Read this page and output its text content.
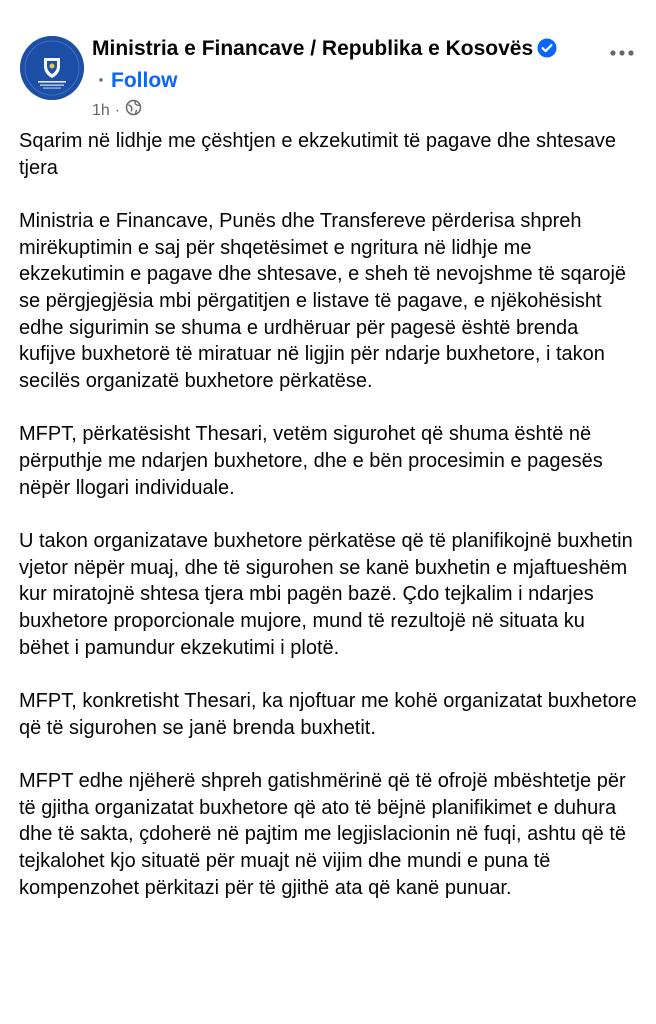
Ministria e Financave / Republika e Kosovës· Follow
1h ·

Sqarim në lidhje me çështjen e ekzekutimit të pagave dhe shtesave tjera

Ministria e Financave, Punës dhe Transfereve përderisa shpreh mirëkuptimin e saj për shqetësimet e ngritura në lidhje me ekzekutimin e pagave dhe shtesave, e sheh të nevojshme të sqarojë se përgjegjësia mbi përgatitjen e listave të pagave, e njëkohësisht edhe sigurimin se shuma e urdhëruar për pagesë është brenda kufijve buxhetorë të miratuar në ligjin për ndarje buxhetore, i takon secilës organizatë buxhetore përkatëse.

MFPT, përkatësisht Thesari, vetëm sigurohet që shuma është në përputhje me ndarjen buxhetore, dhe e bën procesimin e pagesës nëpër llogari individuale.

U takon organizatave buxhetore përkatëse që të planifikojnë buxhetin vjetor nëpër muaj, dhe të sigurohen se kanë buxhetin e mjaftueshëm kur miratojnë shtesa tjera mbi pagën bazë. Çdo tejkalim i ndarjes buxhetore proporcionale mujore, mund të rezultojë në situata ku bëhet i pamundur ekzekutimi i plotë.

MFPT, konkretisht Thesari, ka njoftuar me kohë organizatat buxhetore që të sigurohen se janë brenda buxhetit.

MFPT edhe njëherë shpreh gatishmërinë që të ofrojë mbështetje për të gjitha organizatat buxhetore që ato të bëjnë planifikimet e duhura dhe të sakta, çdoherë në pajtim me legjislacionin në fuqi, ashtu që të tejkalohet kjo situatë për muajt në vijim dhe mundi e puna të kompenzohet përkitazi për të gjithë ata që kanë punuar.
